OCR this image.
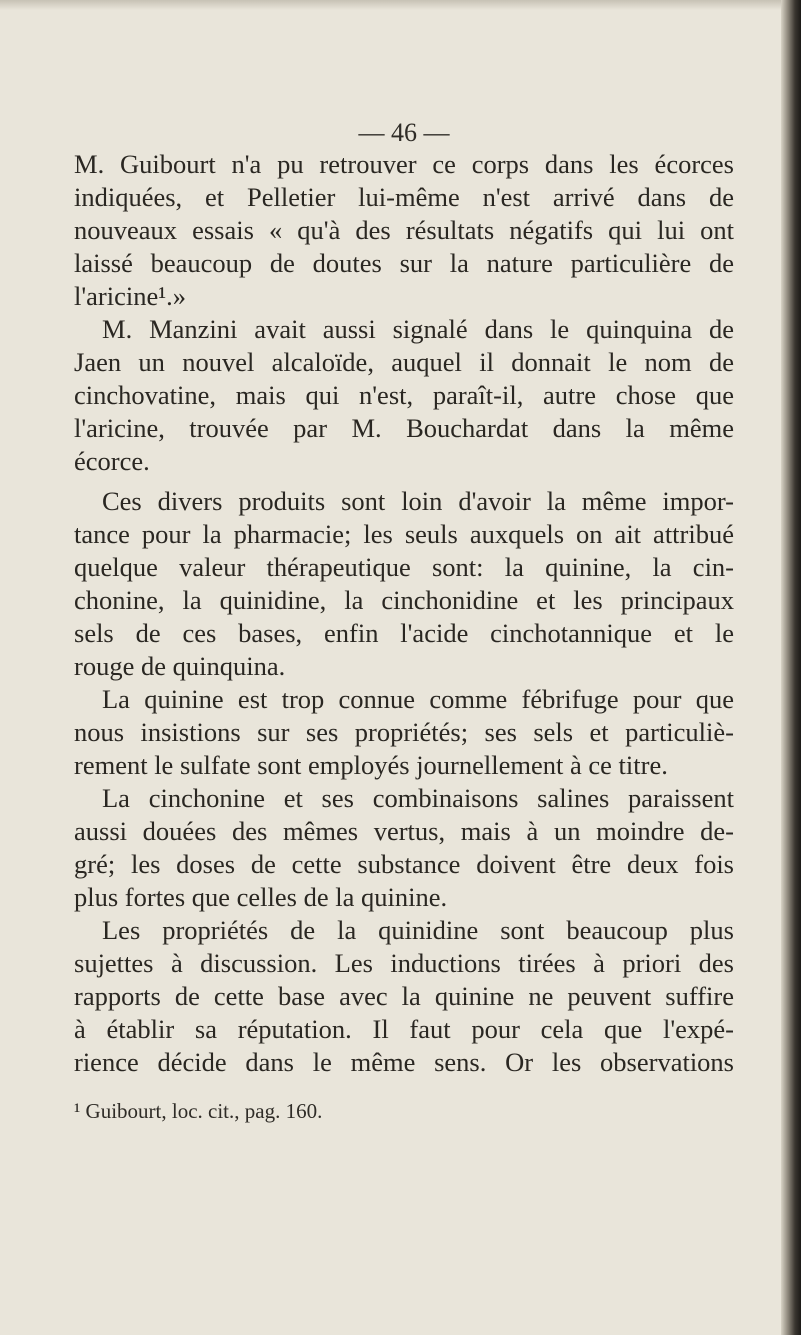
— 46 —
M. Guibourt n'a pu retrouver ce corps dans les écorces
indiquées, et Pelletier lui-même n'est arrivé dans de
nouveaux essais « qu'à des résultats négatifs qui lui ont
laissé beaucoup de doutes sur la nature particulière de
l'aricine¹.»
M. Manzini avait aussi signalé dans le quinquina de
Jaen un nouvel alcaloïde, auquel il donnait le nom de
cinchovatine, mais qui n'est, paraît-il, autre chose que
l'aricine, trouvée par M. Bouchardat dans la même
écorce.
Ces divers produits sont loin d'avoir la même impor-
tance pour la pharmacie; les seuls auxquels on ait attribué
quelque valeur thérapeutique sont: la quinine, la cin-
chonine, la quinidine, la cinchonidine et les principaux
sels de ces bases, enfin l'acide cinchotannique et le
rouge de quinquina.
La quinine est trop connue comme fébrifuge pour que
nous insistions sur ses propriétés; ses sels et particuliè-
rement le sulfate sont employés journellement à ce titre.
La cinchonine et ses combinaisons salines paraissent
aussi douées des mêmes vertus, mais à un moindre de-
gré; les doses de cette substance doivent être deux fois
plus fortes que celles de la quinine.
Les propriétés de la quinidine sont beaucoup plus
sujettes à discussion. Les inductions tirées à priori des
rapports de cette base avec la quinine ne peuvent suffire
à établir sa réputation. Il faut pour cela que l'expé-
rience décide dans le même sens. Or les observations
¹ Guibourt, loc. cit., pag. 160.
